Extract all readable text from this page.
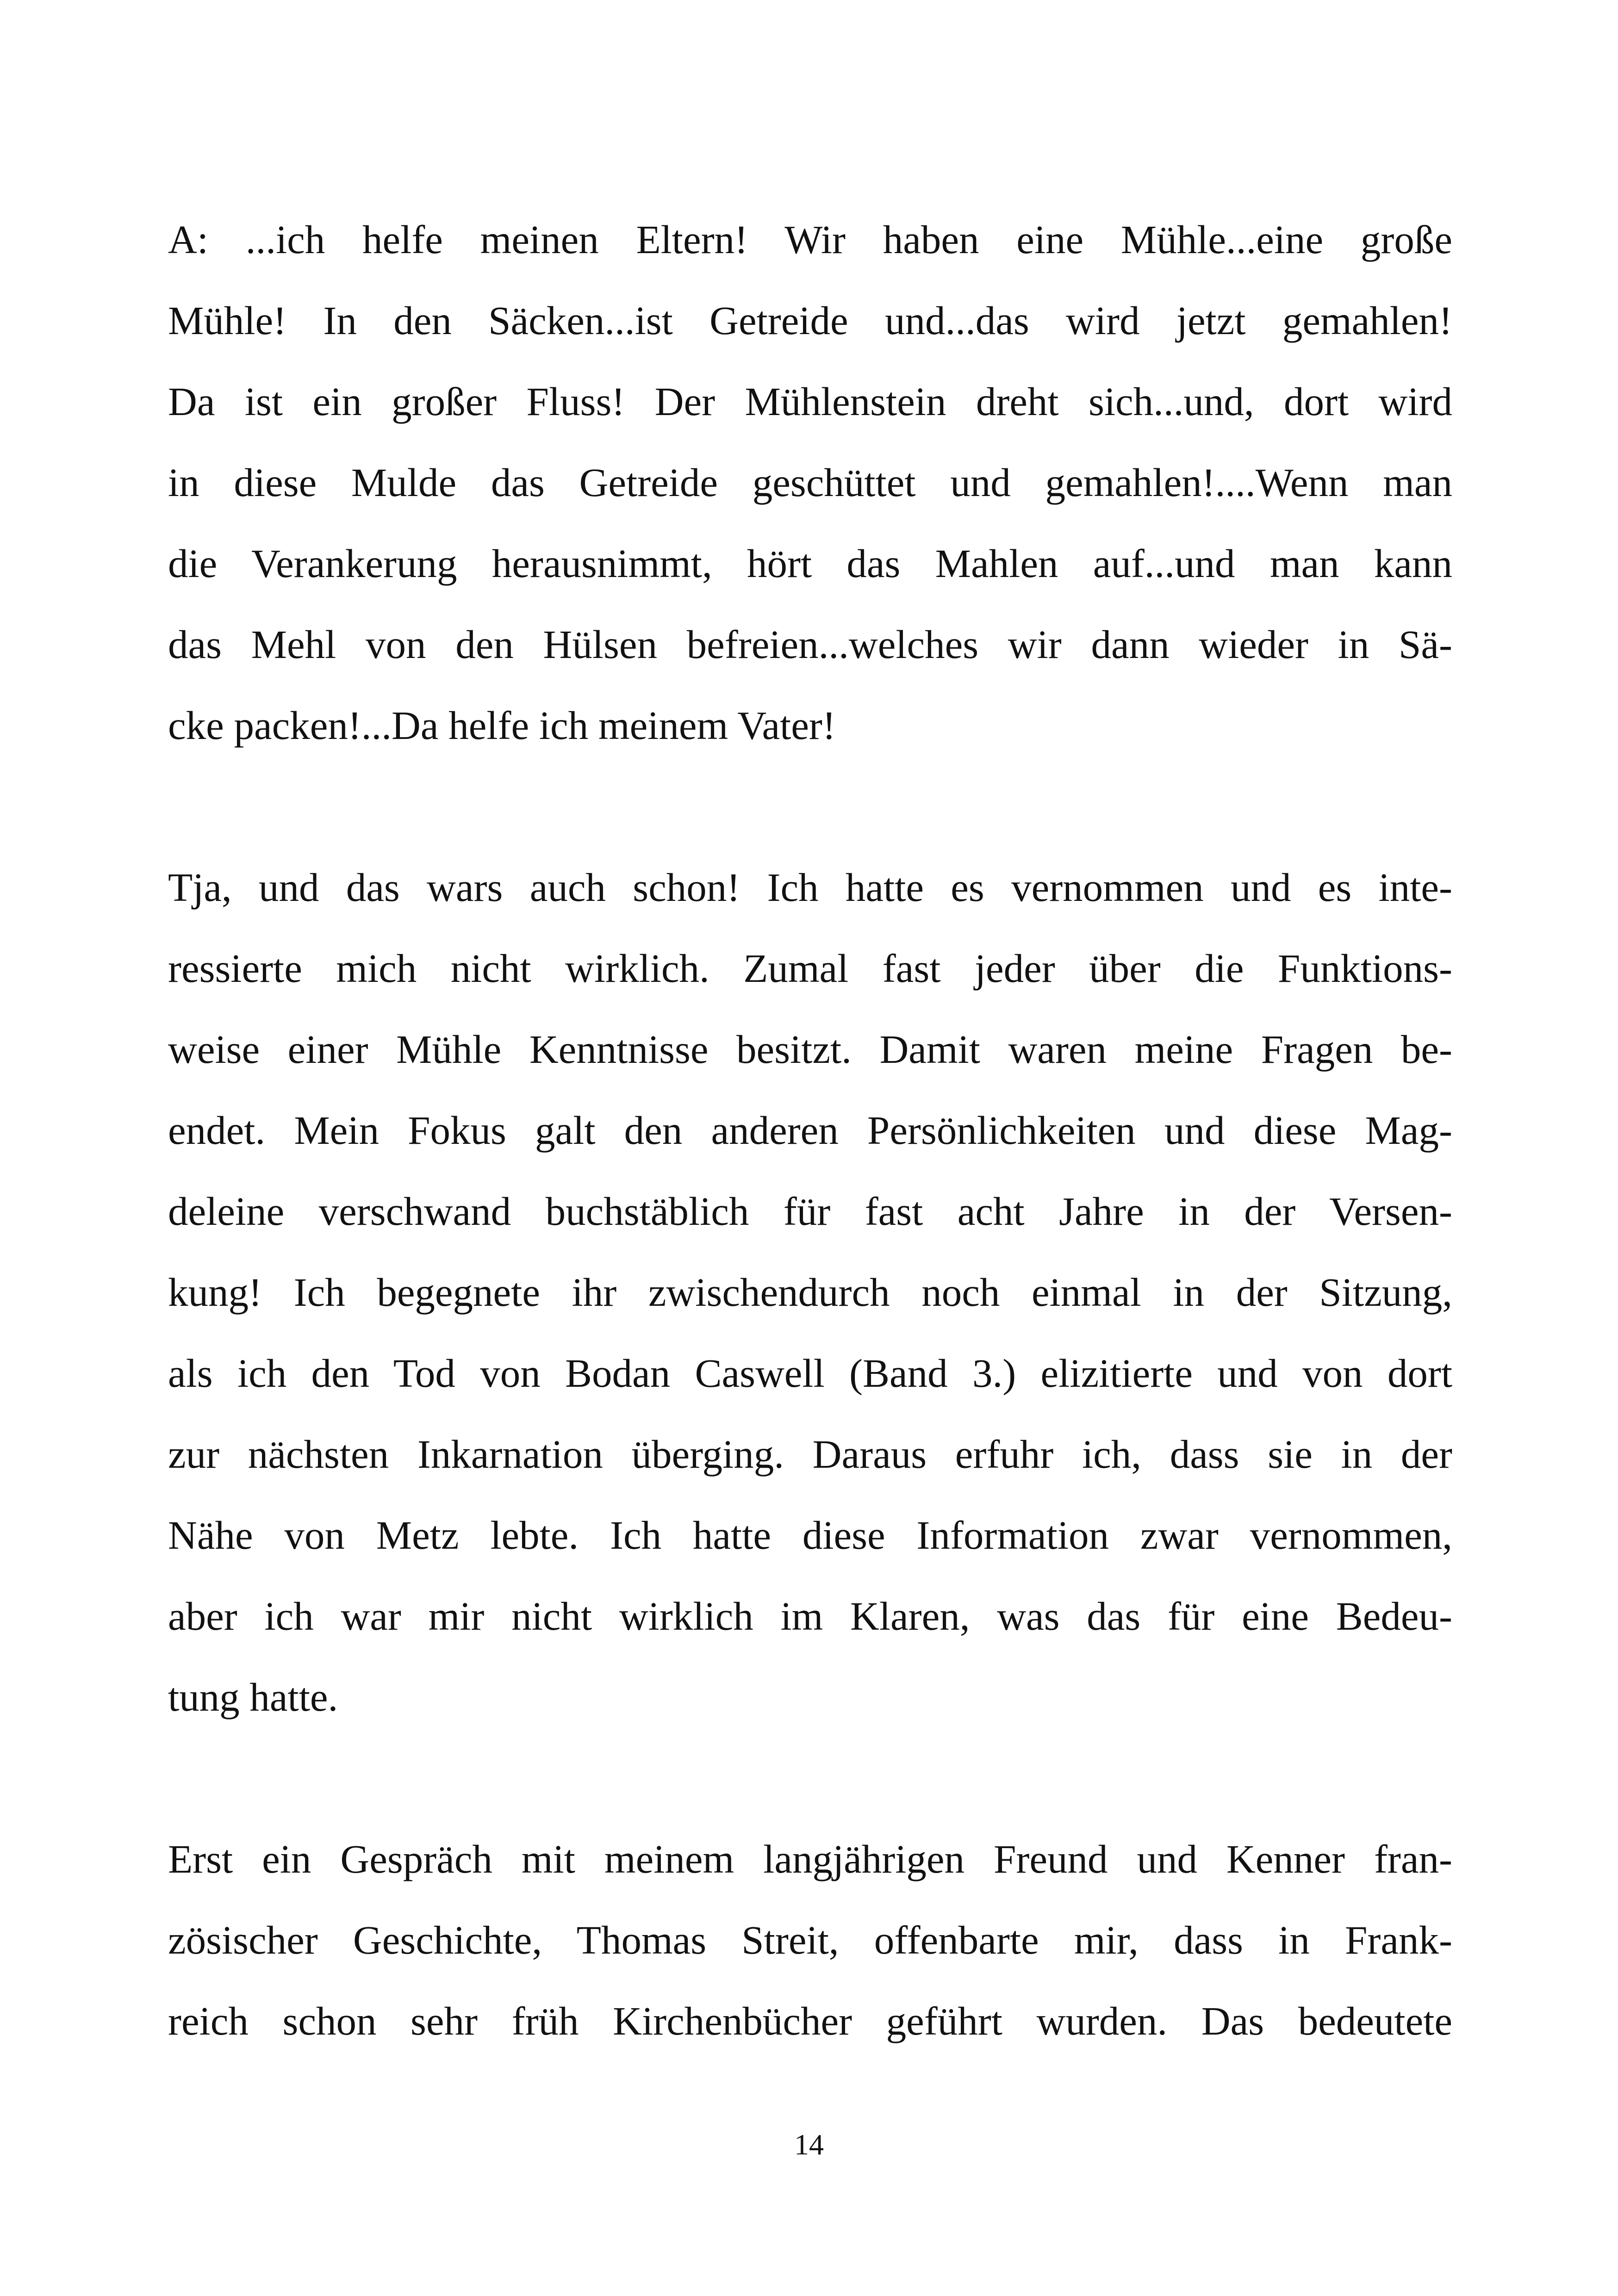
A: ...ich helfe meinen Eltern! Wir haben eine Mühle...eine große
Mühle! In den Säcken...ist Getreide und...das wird jetzt gemahlen!
Da ist ein großer Fluss! Der Mühlenstein dreht sich...und, dort wird
in diese Mulde das Getreide geschüttet und gemahlen!....Wenn man
die Verankerung herausnimmt, hört das Mahlen auf...und man kann
das Mehl von den Hülsen befreien...welches wir dann wieder in Sä-
cke packen!...Da helfe ich meinem Vater!

Tja, und das wars auch schon! Ich hatte es vernommen und es inte-
ressierte mich nicht wirklich. Zumal fast jeder über die Funktions-
weise einer Mühle Kenntnisse besitzt. Damit waren meine Fragen be-
endet. Mein Fokus galt den anderen Persönlichkeiten und diese Mag-
deleine verschwand buchstäblich für fast acht Jahre in der Versen-
kung! Ich begegnete ihr zwischendurch noch einmal in der Sitzung,
als ich den Tod von Bodan Caswell (Band 3.) elizitierte und von dort
zur nächsten Inkarnation überging. Daraus erfuhr ich, dass sie in der
Nähe von Metz lebte. Ich hatte diese Information zwar vernommen,
aber ich war mir nicht wirklich im Klaren, was das für eine Bedeu-
tung hatte.

Erst ein Gespräch mit meinem langjährigen Freund und Kenner fran-
zösischer Geschichte, Thomas Streit, offenbarte mir, dass in Frank-
reich schon sehr früh Kirchenbücher geführt wurden. Das bedeutete

14
